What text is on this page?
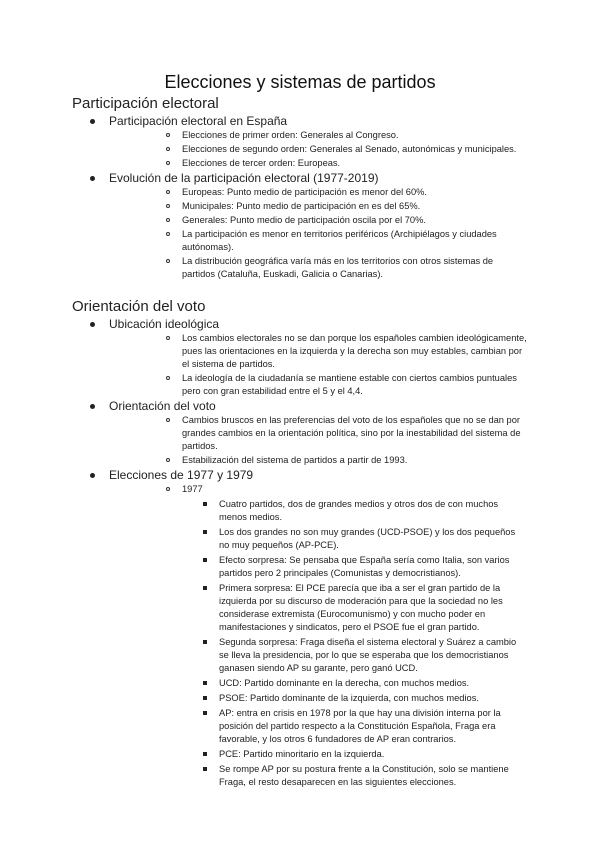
Elecciones y sistemas de partidos
Participación electoral
Participación electoral en España
Elecciones de primer orden: Generales al Congreso.
Elecciones de segundo orden: Generales al Senado, autonómicas y municipales.
Elecciones de tercer orden: Europeas.
Evolución de la participación electoral (1977-2019)
Europeas: Punto medio de participación es menor del 60%.
Municipales: Punto medio de participación en es del 65%.
Generales: Punto medio de participación oscila por el 70%.
La participación es menor en territorios periféricos (Archipiélagos y ciudades autónomas).
La distribución geográfica varía más en los territorios con otros sistemas de partidos (Cataluña, Euskadi, Galicia o Canarias).
Orientación del voto
Ubicación ideológica
Los cambios electorales no se dan porque los españoles cambien ideológicamente, pues las orientaciones en la izquierda y la derecha son muy estables, cambian por el sistema de partidos.
La ideología de la ciudadanía se mantiene estable con ciertos cambios puntuales pero con gran estabilidad entre el 5 y el 4,4.
Orientación del voto
Cambios bruscos en las preferencias del voto de los españoles que no se dan por grandes cambios en la orientación política, sino por la inestabilidad del sistema de partidos.
Estabilización del sistema de partidos a partir de 1993.
Elecciones de 1977 y 1979
1977
Cuatro partidos, dos de grandes medios y otros dos de con muchos menos medios.
Los dos grandes no son muy grandes (UCD-PSOE) y los dos pequeños no muy pequeños (AP-PCE).
Efecto sorpresa: Se pensaba que España sería como Italia, son varios partidos pero 2 principales (Comunistas y democristianos).
Primera sorpresa: El PCE parecía que iba a ser el gran partido de la izquierda por su discurso de moderación para que la sociedad no les considerase extremista (Eurocomunismo) y con mucho poder en manifestaciones y sindicatos, pero el PSOE fue el gran partido.
Segunda sorpresa: Fraga diseña el sistema electoral y Suárez a cambio se lleva la presidencia, por lo que se esperaba que los democristianos ganasen siendo AP su garante, pero ganó UCD.
UCD: Partido dominante en la derecha, con muchos medios.
PSOE: Partido dominante de la izquierda, con muchos medios.
AP: entra en crisis en 1978 por la que hay una división interna por la posición del partido respecto a la Constitución Española, Fraga era favorable, y los otros 6 fundadores de AP eran contrarios.
PCE: Partido minoritario en la izquierda.
Se rompe AP por su postura frente a la Constitución, solo se mantiene Fraga, el resto desaparecen en las siguientes elecciones.
